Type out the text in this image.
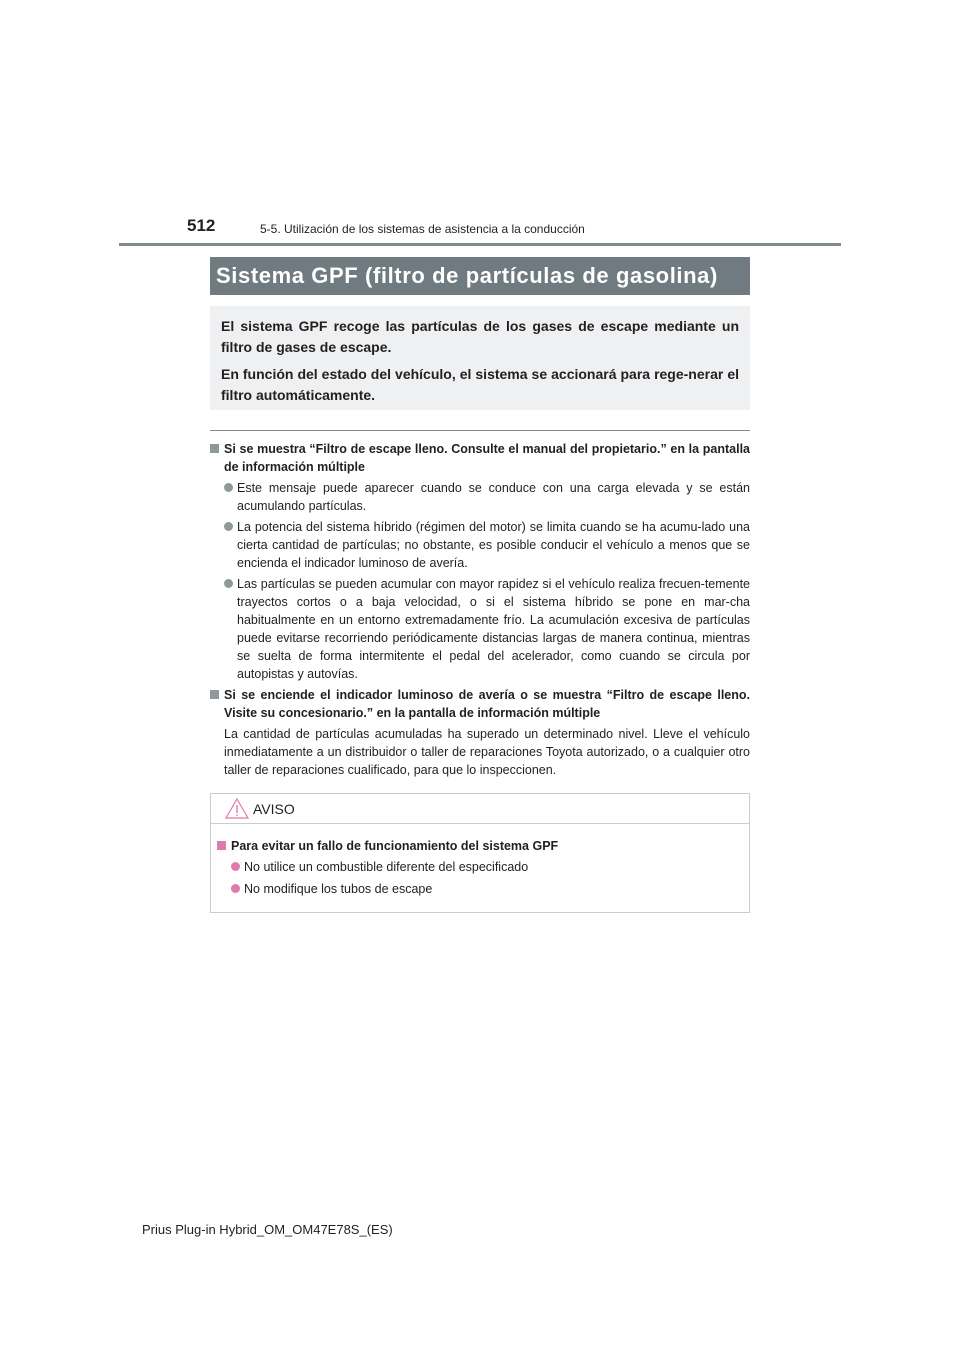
512	5-5. Utilización de los sistemas de asistencia a la conducción
Sistema GPF (filtro de partículas de gasolina)

El sistema GPF recoge las partículas de los gases de escape mediante un filtro de gases de escape.

En función del estado del vehículo, el sistema se accionará para rege-nerar el filtro automáticamente.

Si se muestra “Filtro de escape lleno. Consulte el manual del propietario.” en la pantalla de información múltiple
Este mensaje puede aparecer cuando se conduce con una carga elevada y se están acumulando partículas.
La potencia del sistema híbrido (régimen del motor) se limita cuando se ha acumu-lado una cierta cantidad de partículas; no obstante, es posible conducir el vehículo a menos que se encienda el indicador luminoso de avería.
Las partículas se pueden acumular con mayor rapidez si el vehículo realiza frecuen-temente trayectos cortos o a baja velocidad, o si el sistema híbrido se pone en mar-cha habitualmente en un entorno extremadamente frío. La acumulación excesiva de partículas puede evitarse recorriendo periódicamente distancias largas de manera continua, mientras se suelta de forma intermitente el pedal del acelerador, como cuando se circula por autopistas y autovías.
Si se enciende el indicador luminoso de avería o se muestra “Filtro de escape lleno. Visite su concesionario.” en la pantalla de información múltiple
La cantidad de partículas acumuladas ha superado un determinado nivel. Lleve el vehículo inmediatamente a un distribuidor o taller de reparaciones Toyota autorizado, o a cualquier otro taller de reparaciones cualificado, para que lo inspeccionen.
AVISO
Para evitar un fallo de funcionamiento del sistema GPF
No utilice un combustible diferente del especificado
No modifique los tubos de escape
Prius Plug-in Hybrid_OM_OM47E78S_(ES)
